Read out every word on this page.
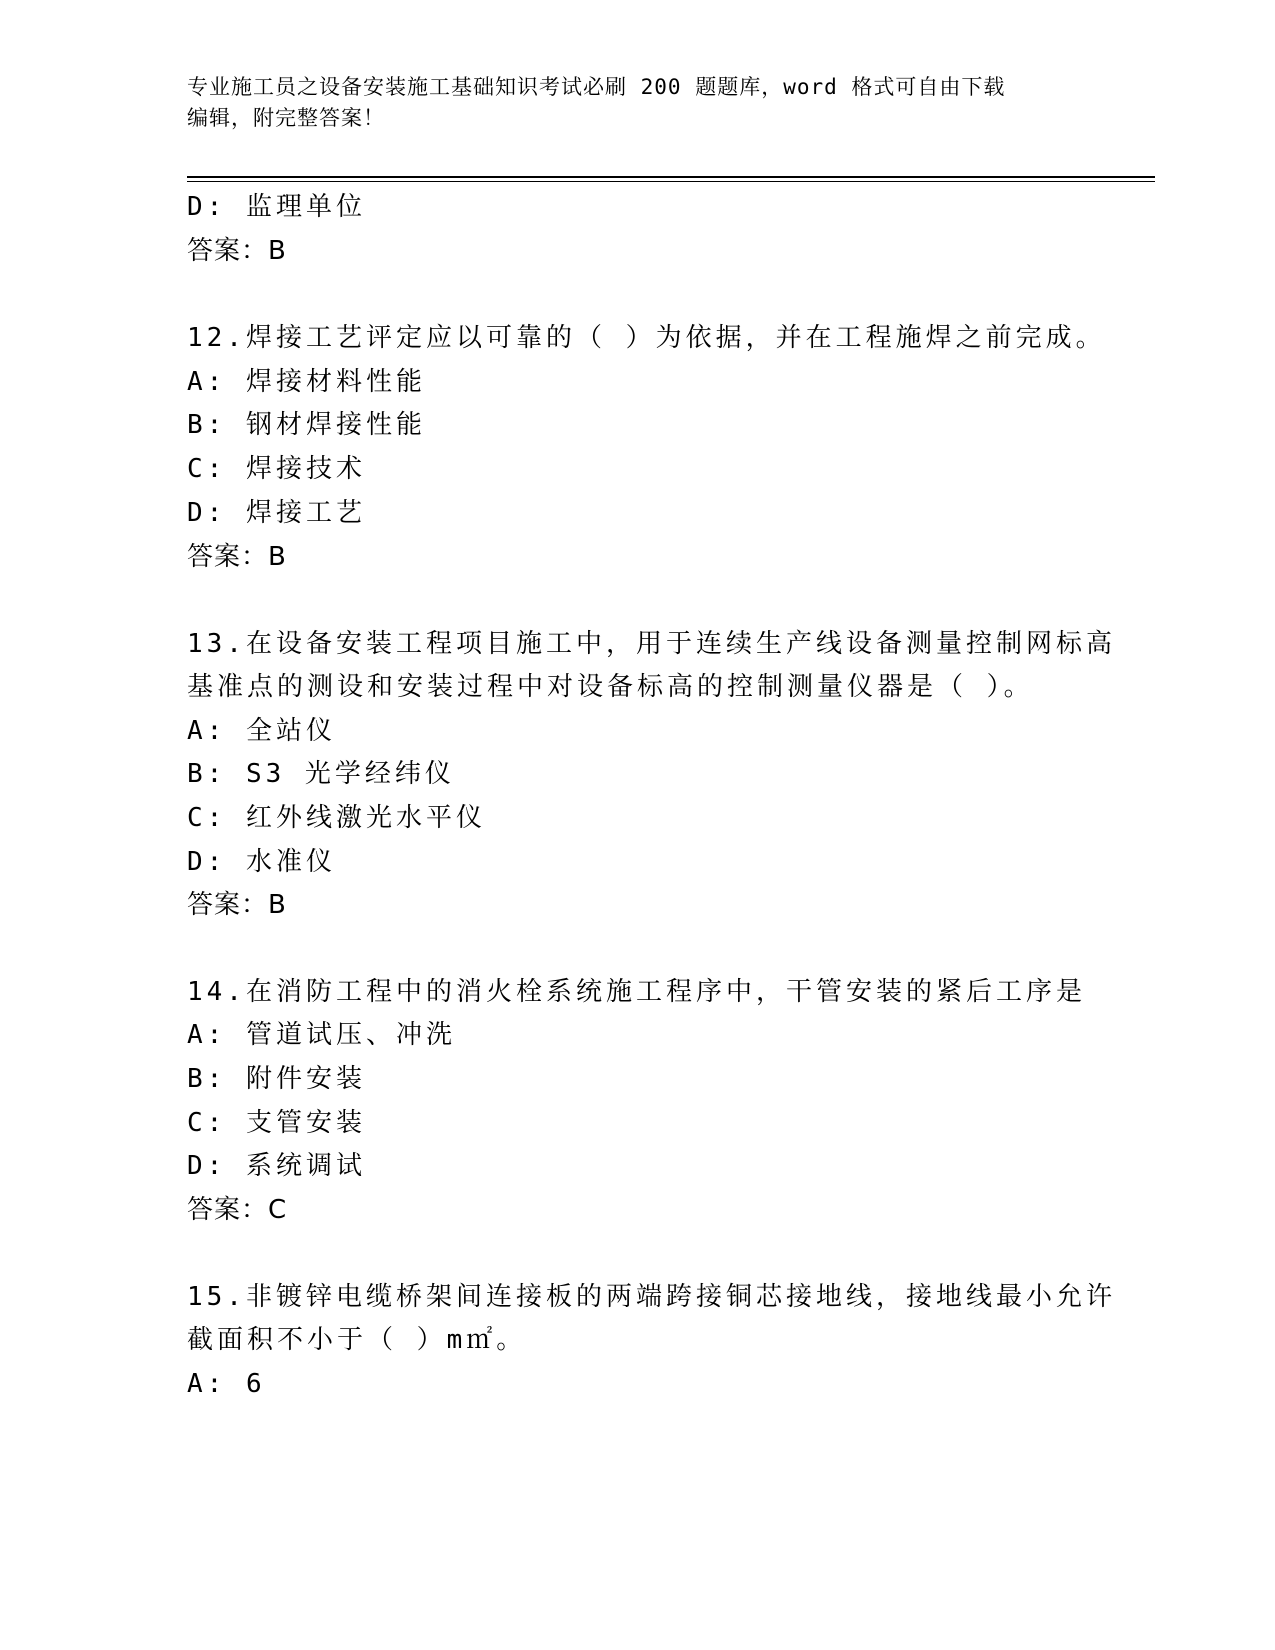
专业施工员之设备安装施工基础知识考试必刷 200 题题库，word 格式可自由下载
编辑，附完整答案！
D: 监理单位
答案：B
12.焊接工艺评定应以可靠的（ ）为依据，并在工程施焊之前完成。
A: 焊接材料性能
B: 钢材焊接性能
C: 焊接技术
D: 焊接工艺
答案：B
13.在设备安装工程项目施工中，用于连续生产线设备测量控制网标高
基准点的测设和安装过程中对设备标高的控制测量仪器是（ ）。
A: 全站仪
B: S3 光学经纬仪
C: 红外线激光水平仪
D: 水准仪
答案：B
14.在消防工程中的消火栓系统施工程序中，干管安装的紧后工序是
A: 管道试压、冲洗
B: 附件安装
C: 支管安装
D: 系统调试
答案：C
15.非镀锌电缆桥架间连接板的两端跨接铜芯接地线，接地线最小允许
截面积不小于（ ）m㎡。
A: 6
